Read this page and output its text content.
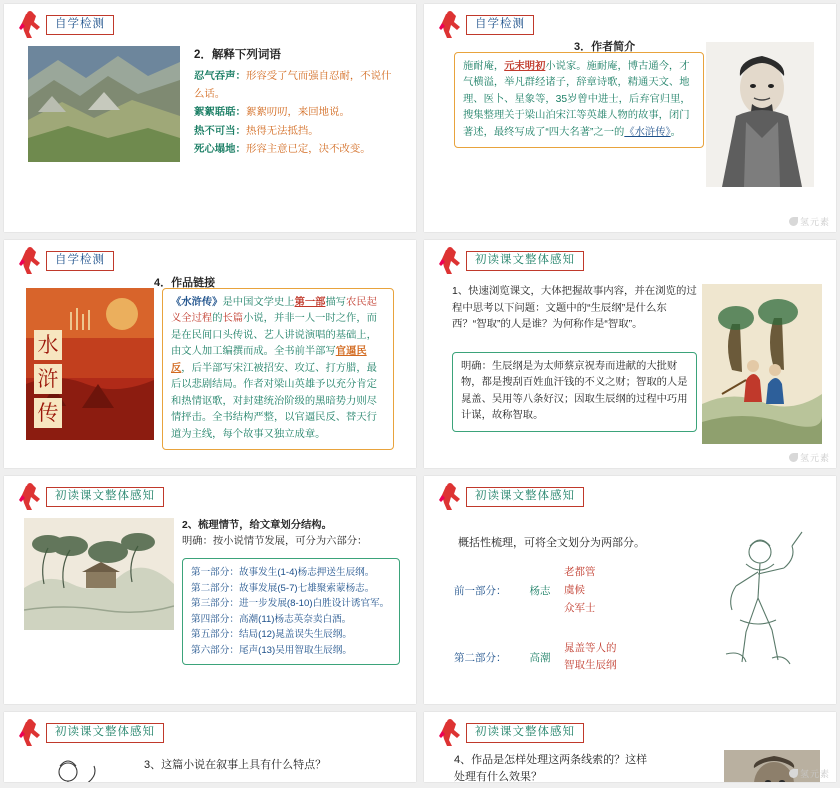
自学检测
2．解释下列词语
忍气吞声：形容受了气而强自忍耐，不说什么话。
絮絮聒聒：絮絮叨叨，来回地说。
热不可当：热得无法抵挡。
死心塌地：形容主意已定，决不改变。
自学检测
3．作者简介
施耐庵，元末明初小说家。施耐庵，博古通今，才气横溢，举凡群经诸子，辞章诗歌，精通天文、地理、医卜、星象等，35岁曾中进士，后弃官归里，搜集整理关于梁山泊宋江等英雄人物的故事，闭门著述，最终写成了“四大名著”之一的《水浒传》。
氢元素
自学检测
4．作品链接
水
浒
传
《水浒传》是中国文学史上第一部描写农民起义全过程的长篇小说，并非一人一时之作，而是在民间口头传说、艺人讲说演唱的基础上，由文人加工编撰而成。全书前半部写官逼民反，后半部写宋江被招安、攻辽、打方腊，最后以悲剧结局。作者对梁山英雄予以充分肯定和热情讴歌，对封建统治阶级的黑暗势力则尽情抨击。全书结构严整，以官逼民反、替天行道为主线，每个故事又独立成章。
初读课文整体感知
1、快速浏览课文，大体把握故事内容，并在浏览的过程中思考以下问题：文题中的“生辰纲”是什么东西？“智取”的人是谁？为何称作是“智取”。
明确：生辰纲是为太师蔡京祝寿而进献的大批财物，都是搜刮百姓血汗钱的不义之财；智取的人是晁盖、吴用等八条好汉；因取生辰纲的过程中巧用计谋，故称智取。
氢元素
初读课文整体感知
2、梳理情节，给文章划分结构。
明确：按小说情节发展，可分为六部分：
第一部分：故事发生(1-4)杨志押送生辰纲。
第二部分：故事发展(5-7)七雄聚索蒙杨志。
第三部分：进一步发展(8-10)白胜设计诱官军。
第四部分：高潮(11)杨志英奈卖白酒。
第五部分：结局(12)晁盖误失生辰纲。
第六部分：尾声(13)吴用智取生辰纲。
初读课文整体感知
概括性梳理，可将全文划分为两部分。
前一部分：	杨志
老都管
虞候
众军士
第二部分：	高潮
晁盖等人的
智取生辰纲
初读课文整体感知
3、这篇小说在叙事上具有什么特点？
初读课文整体感知
4、作品是怎样处理这两条线索的？这样
处理有什么效果？	氢元素
